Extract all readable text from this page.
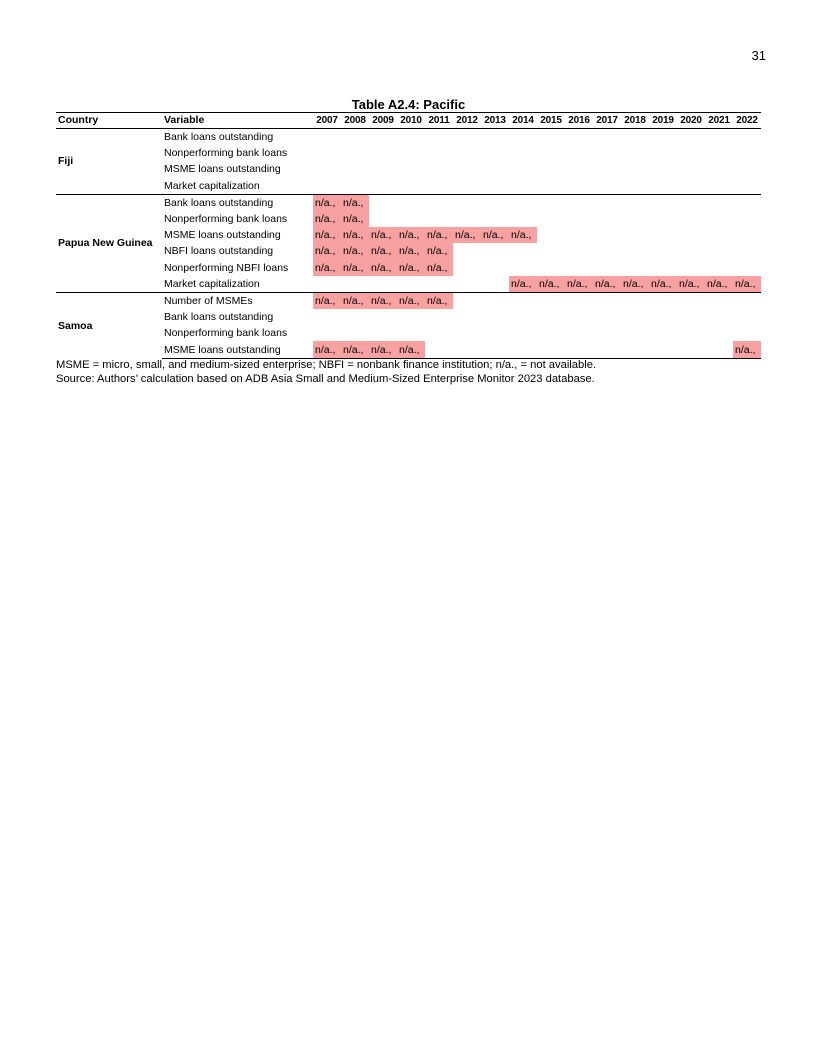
31
Table A2.4: Pacific
Country	Variable	2007	2008	2009	2010	2011	2012	2013	2014	2015	2016	2017	2018	2019	2020	2021	2022
Fiji	Bank loans outstanding																
	Nonperforming bank loans																
	MSME loans outstanding																
	Market capitalization																
Papua New Guinea	Bank loans outstanding	n/a.,	n/a.,														
	Nonperforming bank loans	n/a.,	n/a.,														
	MSME loans outstanding	n/a.,	n/a.,	n/a.,	n/a.,	n/a.,	n/a.,	n/a.,	n/a.,								
	NBFI loans outstanding	n/a.,	n/a.,	n/a.,	n/a.,	n/a.,											
	Nonperforming NBFI loans	n/a.,	n/a.,	n/a.,	n/a.,	n/a.,											
	Market capitalization								n/a.,	n/a.,	n/a.,	n/a.,	n/a.,	n/a.,	n/a.,	n/a.,	n/a.,
Samoa	Number of MSMEs	n/a.,	n/a.,	n/a.,	n/a.,	n/a.,											
	Bank loans outstanding																
	Nonperforming bank loans																
	MSME loans outstanding	n/a.,	n/a.,	n/a.,	n/a.,												n/a.,
MSME = micro, small, and medium-sized enterprise; NBFI = nonbank finance institution; n/a., = not available.
Source: Authors’ calculation based on ADB Asia Small and Medium-Sized Enterprise Monitor 2023 database.
